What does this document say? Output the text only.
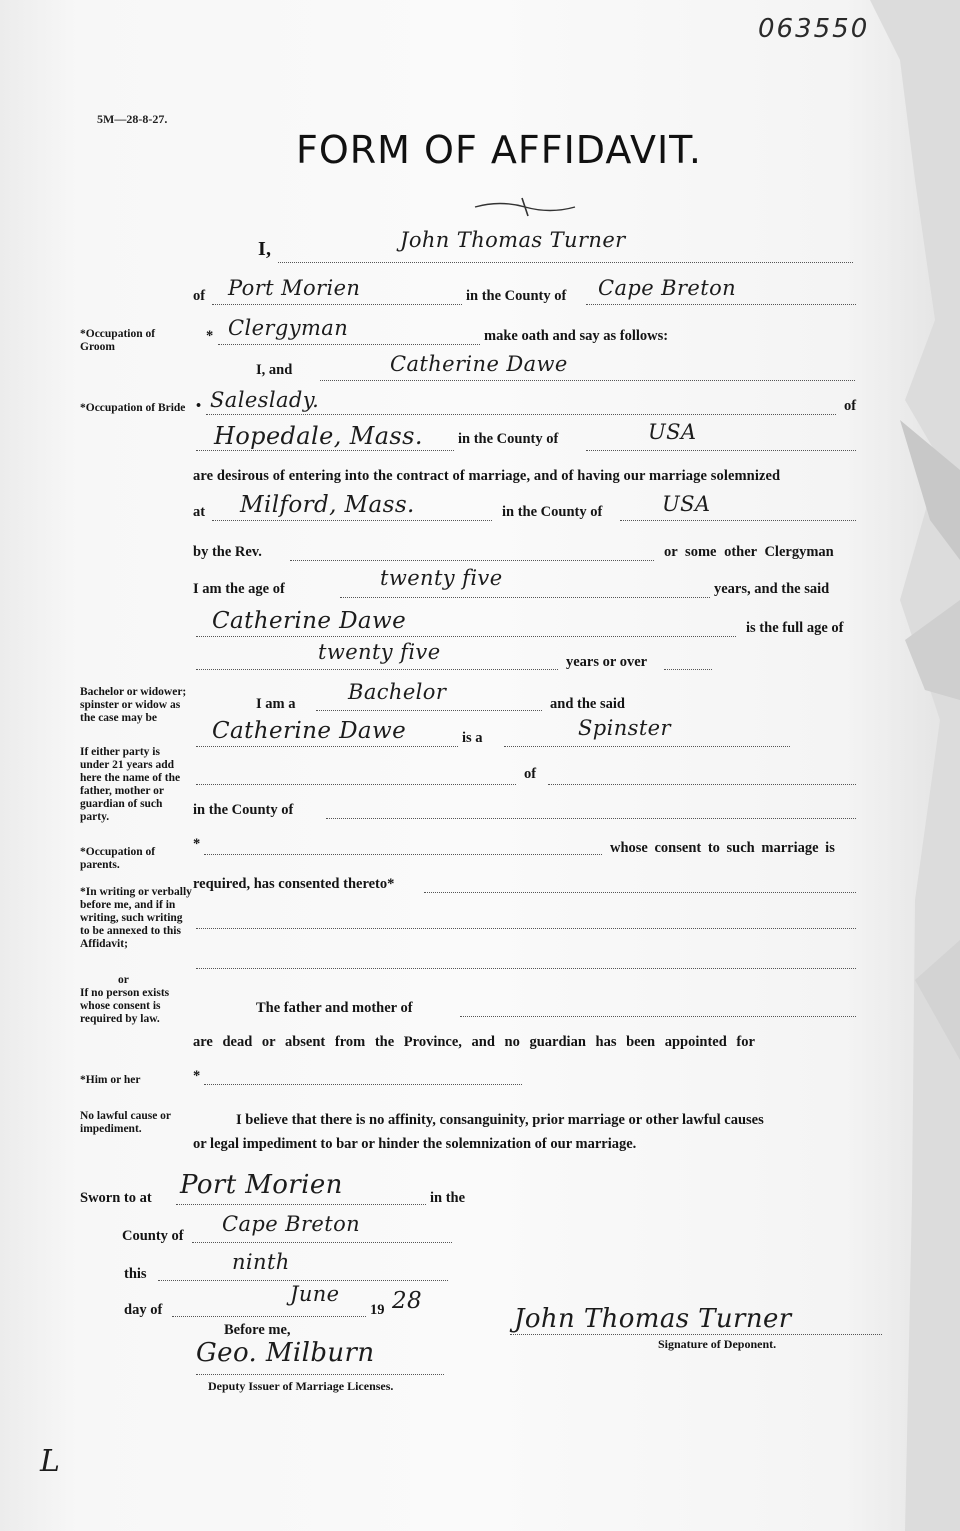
063550
5M—28-8-27.
FORM OF AFFIDAVIT.
I,	John Thomas Turner
of Port Morien	in the County of Cape Breton
*Occupation of Groom
* Clergyman	make oath and say as follows:
I, and	Catherine Dawe
*Occupation of Bride • Saleslady.	of
Hopedale, Mass. in the County of	USA
are desirous of entering into the contract of marriage, and of having our marriage solemnized
at Milford, Mass.	in the County of	USA
by the Rev.	or some other Clergyman
I am the age of	twenty five	years, and the said
Catherine Dawe	is the full age of
twenty five	years or over
Bachelor or widower; spinster or widow as the case may be
If either party is under 21 years add here the name of the father, mother or guardian of such party.
I am a	Bachelor	and the said
Catherine Dawe	is a	Spinster
of
in the County of
*Occupation of parents.
*	whose consent to such marriage is
required, has consented thereto*
*In writing or verbally before me, and if in writing, such writing to be annexed to this Affidavit;
or
If no person exists whose consent is required by law.
The father and mother of
are dead or absent from the Province, and no guardian has been appointed for
*Him or her	*
No lawful cause or impediment.
I believe that there is no affinity, consanguinity, prior marriage or other lawful causes
or legal impediment to bar or hinder the solemnization of our marriage.
Sworn to at Port Morien	in the
County of Cape Breton
this	ninth
day of
June
19 28
Before me,
Geo. Milburn
Deputy Issuer of Marriage Licenses.
John Thomas Turner
Signature of Deponent.
L
